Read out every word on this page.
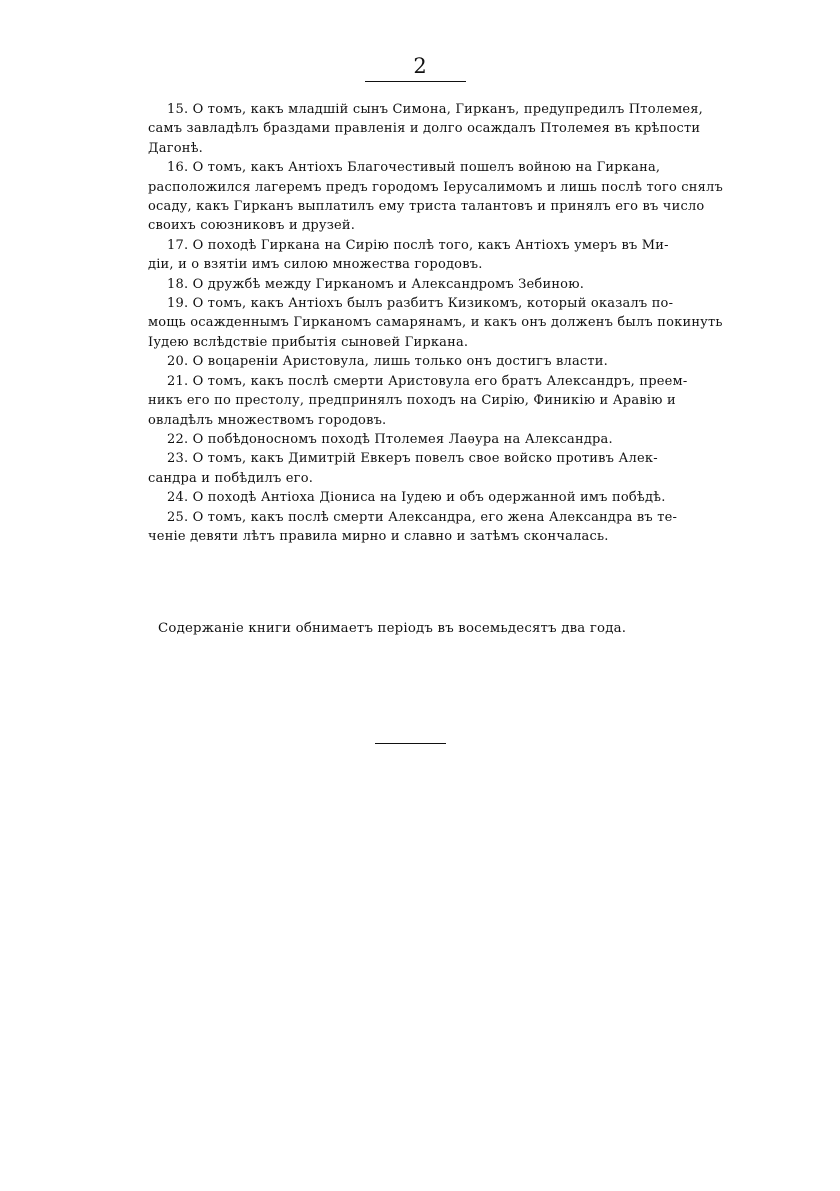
2

15. О томъ, какъ младшій сынъ Симона, Гирканъ, предупредилъ Птолемея,
самъ завладѣлъ браздами правленія и долго осаждалъ Птолемея въ крѣпости
Дагонѣ.

16. О томъ, какъ Антіохъ Благочестивый пошелъ войною на Гиркана,
расположился лагеремъ предъ городомъ Іерусалимомъ и лишь послѣ того снялъ
осаду, какъ Гирканъ выплатилъ ему триста талантовъ и принялъ его въ число
своихъ союзниковъ и друзей.

17. О походѣ Гиркана на Сирію послѣ того, какъ Антіохъ умеръ въ Ми-
діи, и о взятіи имъ силою множества городовъ.

18. О дружбѣ между Гирканомъ и Александромъ Зебиною.

19. О томъ, какъ Антіохъ былъ разбитъ Кизикомъ, который оказалъ по-
мощь осажденнымъ Гирканомъ самарянамъ, и какъ онъ долженъ былъ покинуть
Іудею вслѣдствіе прибытія сыновей Гиркана.

20. О воцареніи Аристовула, лишь только онъ достигъ власти.

21. О томъ, какъ послѣ смерти Аристовула его братъ Александръ, преем-
никъ его по престолу, предпринялъ походъ на Сирію, Финикію и Аравію и
овладѣлъ множествомъ городовъ.

22. О побѣдоносномъ походѣ Птолемея Лаѳура на Александра.

23. О томъ, какъ Димитрій Евкеръ повелъ свое войско противъ Алек-
сандра и побѣдилъ его.

24. О походѣ Антіоха Діониса на Іудею и объ одержанной имъ побѣдѣ.

25. О томъ, какъ послѣ смерти Александра, его жена Александра въ те-
ченіе девяти лѣтъ правила мирно и славно и затѣмъ скончалась.

Содержаніе книги обнимаетъ періодъ въ восемьдесятъ два года.
